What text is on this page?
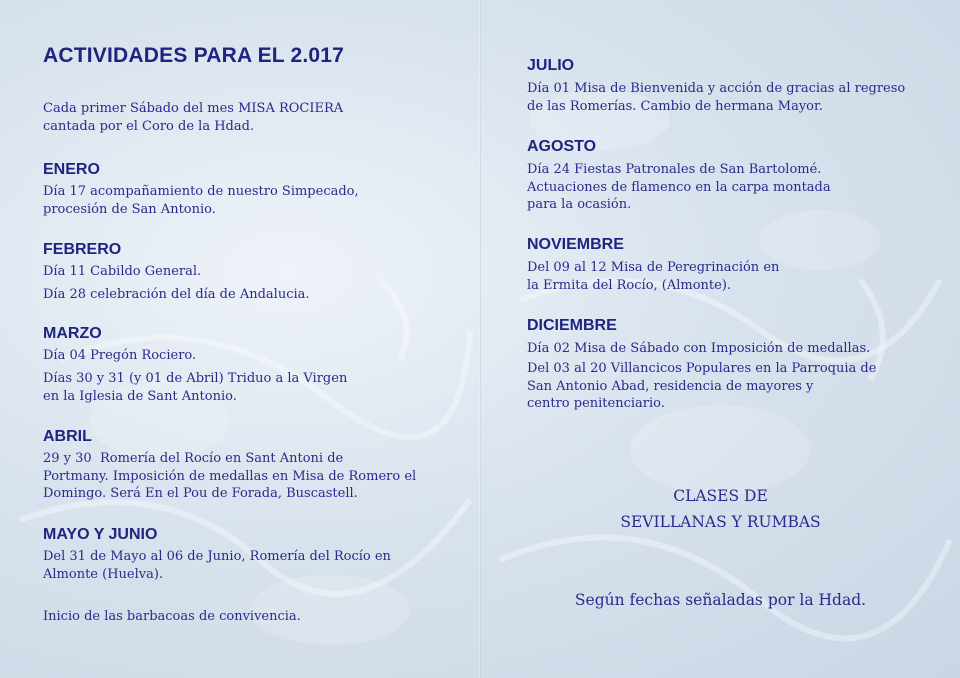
ACTIVIDADES PARA EL 2.017

Cada primer Sábado del mes MISA ROCIERA
cantada por el Coro de la Hdad.

ENERO

Día 17 acompañamiento de nuestro Simpecado,
procesión de San Antonio.

FEBRERO

Día 11 Cabildo General.

Día 28 celebración del día de Andalucia.

MARZO

Día 04 Pregón Rociero.

Días 30 y 31 (y 01 de Abril) Triduo a la Virgen
en la Iglesia de Sant Antonio.

ABRIL

29 y 30  Romería del Rocío en Sant Antoni de
Portmany. Imposición de medallas en Misa de Romero el
Domingo. Será En el Pou de Forada, Buscastell.

MAYO Y JUNIO

Del 31 de Mayo al 06 de Junio, Romería del Rocío en
Almonte (Huelva).

Inicio de las barbacoas de convivencia.

JULIO

Día 01 Misa de Bienvenida y acción de gracias al regreso
de las Romerías. Cambio de hermana Mayor.

AGOSTO

Día 24 Fiestas Patronales de San Bartolomé.
Actuaciones de flamenco en la carpa montada
para la ocasión.

NOVIEMBRE

Del 09 al 12 Misa de Peregrinación en
la Ermita del Rocío, (Almonte).

DICIEMBRE

Día 02 Misa de Sábado con Imposición de medallas.

Del 03 al 20 Villancicos Populares en la Parroquia de
San Antonio Abad, residencia de mayores y
centro penitenciario.

CLASES DE
SEVILLANAS Y RUMBAS

Según fechas señaladas por la Hdad.
